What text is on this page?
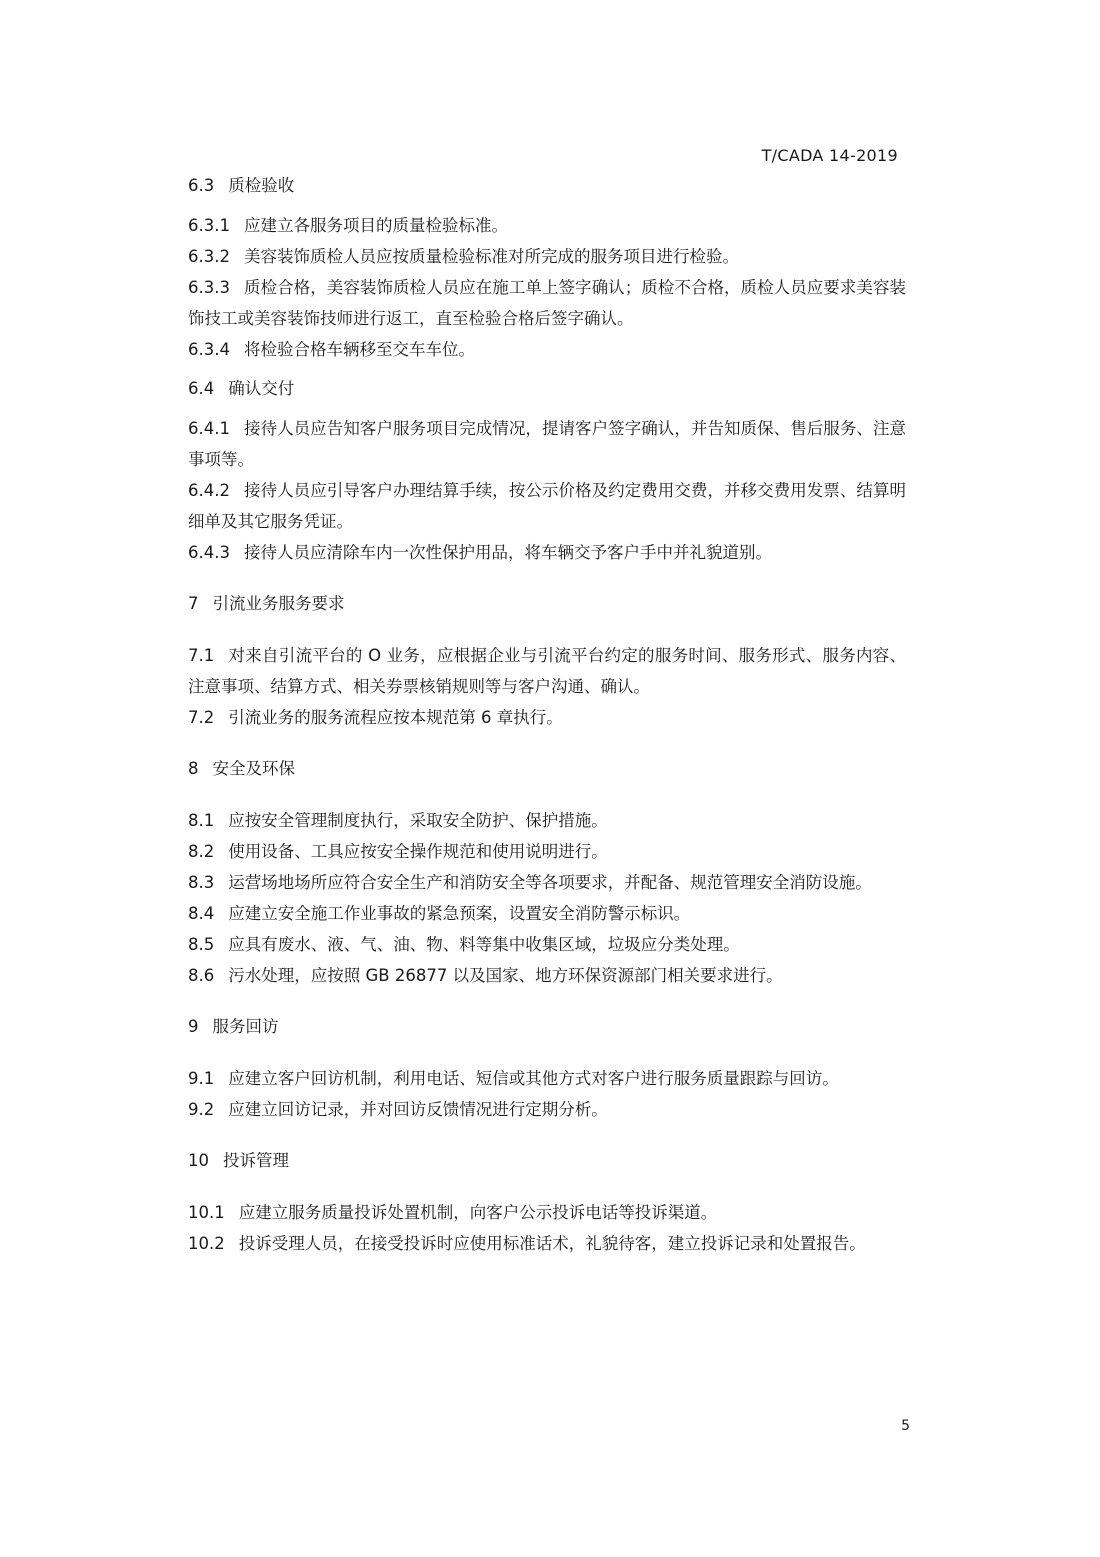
T/CADA 14-2019

6.3 质检验收

6.3.1 应建立各服务项目的质量检验标准。

6.3.2 美容装饰质检人员应按质量检验标准对所完成的服务项目进行检验。

6.3.3 质检合格，美容装饰质检人员应在施工单上签字确认；质检不合格，质检人员应要求美容装饰技工或美容装饰技师进行返工，直至检验合格后签字确认。

6.3.4 将检验合格车辆移至交车车位。

6.4 确认交付

6.4.1 接待人员应告知客户服务项目完成情况，提请客户签字确认，并告知质保、售后服务、注意事项等。

6.4.2 接待人员应引导客户办理结算手续，按公示价格及约定费用交费，并移交费用发票、结算明细单及其它服务凭证。

6.4.3 接待人员应清除车内一次性保护用品，将车辆交予客户手中并礼貌道别。

7 引流业务服务要求

7.1 对来自引流平台的 O 业务，应根据企业与引流平台约定的服务时间、服务形式、服务内容、注意事项、结算方式、相关券票核销规则等与客户沟通、确认。

7.2 引流业务的服务流程应按本规范第 6 章执行。

8 安全及环保

8.1 应按安全管理制度执行，采取安全防护、保护措施。

8.2 使用设备、工具应按安全操作规范和使用说明进行。

8.3 运营场地场所应符合安全生产和消防安全等各项要求，并配备、规范管理安全消防设施。

8.4 应建立安全施工作业事故的紧急预案，设置安全消防警示标识。

8.5 应具有废水、液、气、油、物、料等集中收集区域，垃圾应分类处理。

8.6 污水处理，应按照 GB 26877 以及国家、地方环保资源部门相关要求进行。

9 服务回访

9.1 应建立客户回访机制，利用电话、短信或其他方式对客户进行服务质量跟踪与回访。

9.2 应建立回访记录，并对回访反馈情况进行定期分析。

10 投诉管理

10.1 应建立服务质量投诉处置机制，向客户公示投诉电话等投诉渠道。

10.2 投诉受理人员，在接受投诉时应使用标准话术，礼貌待客，建立投诉记录和处置报告。

5
